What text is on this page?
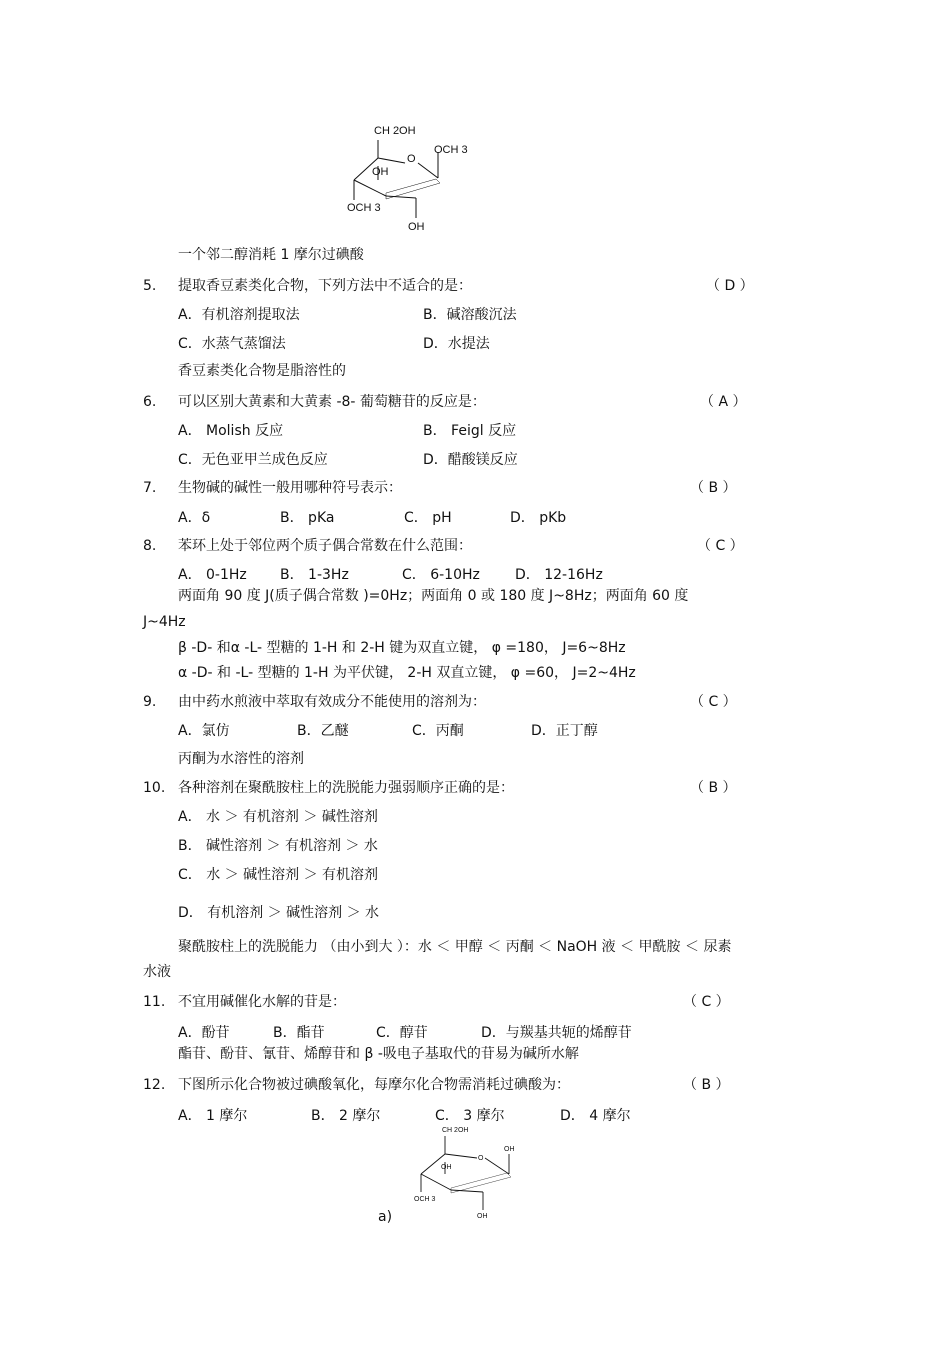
CH 2OH
O
OCH 3
OH
OCH 3
OH
一个邻二醇消耗 1 摩尔过碘酸
5. 提取香豆素类化合物，下列方法中不适合的是：	（ D ）
A．有机溶剂提取法	B．碱溶酸沉法
C．水蒸气蒸馏法	D．水提法
香豆素类化合物是脂溶性的
6. 可以区别大黄素和大黄素 -8- 葡萄糖苷的反应是：	（ A ）
A． Molish 反应	B． Feigl 反应
C．无色亚甲兰成色反应	D．醋酸镁反应
7. 生物碱的碱性一般用哪种符号表示：	（ B ）
A．δ	B． pKa	C． pH	D． pKb
8. 苯环上处于邻位两个质子偶合常数在什么范围：	（ C ）
A． 0-1Hz B． 1-3Hz	C． 6-10Hz	D． 12-16Hz
两面角 90 度 J(质子偶合常数 )=0Hz；两面角 0 或 180 度 J~8Hz；两面角 60 度
J~4Hz
β -D- 和α -L- 型糖的 1-H 和 2-H 键为双直立键， φ =180， J=6~8Hz
α -D- 和 -L- 型糖的 1-H 为平伏键， 2-H 双直立键， φ =60， J=2~4Hz
9. 由中药水煎液中萃取有效成分不能使用的溶剂为：	（ C ）
A．氯仿	B．乙醚	C．丙酮	D．正丁醇
丙酮为水溶性的溶剂
10. 各种溶剂在聚酰胺柱上的洗脱能力强弱顺序正确的是：	（ B ）
A． 水 ＞ 有机溶剂 ＞ 碱性溶剂
B． 碱性溶剂 ＞ 有机溶剂 ＞ 水
C． 水 ＞ 碱性溶剂 ＞ 有机溶剂
D． 有机溶剂 ＞ 碱性溶剂 ＞ 水
聚酰胺柱上的洗脱能力 （由小到大 ）：水 ＜ 甲醇 ＜ 丙酮 ＜ NaOH 液 ＜ 甲酰胺 ＜ 尿素
水液
11. 不宜用碱催化水解的苷是：	（ C ）
A．酚苷	B．酯苷	C．醇苷	D．与羰基共轭的烯醇苷
酯苷、酚苷、氰苷、烯醇苷和 β -吸电子基取代的苷易为碱所水解
12. 下图所示化合物被过碘酸氧化，每摩尔化合物需消耗过碘酸为：	（ B ）
A． 1 摩尔	B． 2 摩尔	C． 3 摩尔	D． 4 摩尔
CH 2OH
O
OH
OH
OCH 3
OH
a)
